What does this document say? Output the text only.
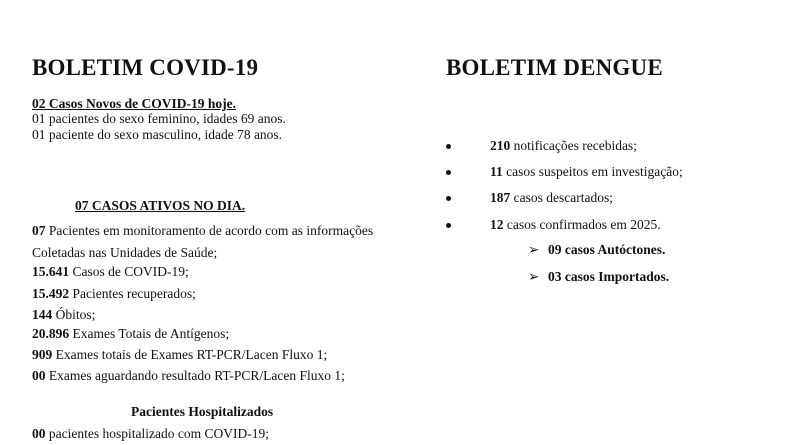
BOLETIM COVID-19
02 Casos Novos de COVID-19 hoje.
01 pacientes do sexo feminino, idades 69 anos.
01 paciente do sexo masculino, idade 78 anos.
07 CASOS ATIVOS NO DIA.
07 Pacientes em monitoramento de acordo com as informações
Coletadas nas Unidades de Saúde;
15.641 Casos de COVID-19;
15.492 Pacientes recuperados;
144 Óbitos;
20.896 Exames Totais de Antígenos;
909 Exames totais de Exames RT-PCR/Lacen Fluxo 1;
00 Exames aguardando resultado RT-PCR/Lacen Fluxo 1;
Pacientes Hospitalizados
00 pacientes hospitalizado com COVID-19;
BOLETIM DENGUE
210 notificações recebidas;
11 casos suspeitos em investigação;
187 casos descartados;
12 casos confirmados em 2025.
➢ 09 casos Autóctones.
➢ 03 casos Importados.
